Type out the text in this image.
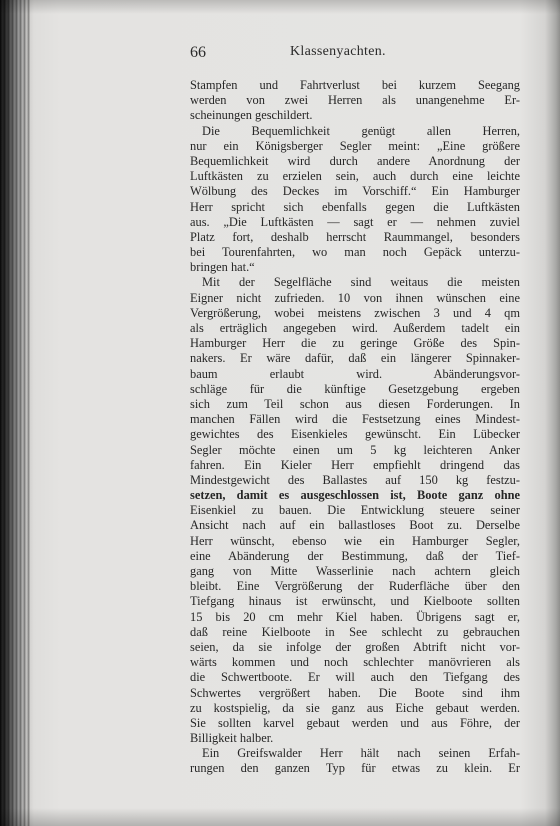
66	Klassenyachten.
Stampfen und Fahrtverlust bei kurzem Seegang
werden von zwei Herren als unangenehme Er-
scheinungen geschildert.
Die Bequemlichkeit genügt allen Herren,
nur ein Königsberger Segler meint: „Eine größere
Bequemlichkeit wird durch andere Anordnung der
Luftkästen zu erzielen sein, auch durch eine leichte
Wölbung des Deckes im Vorschiff.“ Ein Hamburger
Herr spricht sich ebenfalls gegen die Luftkästen
aus. „Die Luftkästen — sagt er — nehmen zuviel
Platz fort, deshalb herrscht Raummangel, besonders
bei Tourenfahrten, wo man noch Gepäck unterzu-
bringen hat.“
Mit der Segelfläche sind weitaus die meisten
Eigner nicht zufrieden. 10 von ihnen wünschen eine
Vergrößerung, wobei meistens zwischen 3 und 4 qm
als erträglich angegeben wird. Außerdem tadelt ein
Hamburger Herr die zu geringe Größe des Spin-
nakers. Er wäre dafür, daß ein längerer Spinnaker-
baum erlaubt wird. Abänderungsvor-
schläge für die künftige Gesetzgebung ergeben
sich zum Teil schon aus diesen Forderungen. In
manchen Fällen wird die Festsetzung eines Mindest-
gewichtes des Eisenkieles gewünscht. Ein Lübecker
Segler möchte einen um 5 kg leichteren Anker
fahren. Ein Kieler Herr empfiehlt dringend das
Mindestgewicht des Ballastes auf 150 kg festzu-
setzen, damit es ausgeschlossen ist, Boote ganz ohne
Eisenkiel zu bauen. Die Entwicklung steuere seiner
Ansicht nach auf ein ballastloses Boot zu. Derselbe
Herr wünscht, ebenso wie ein Hamburger Segler,
eine Abänderung der Bestimmung, daß der Tief-
gang von Mitte Wasserlinie nach achtern gleich
bleibt. Eine Vergrößerung der Ruderfläche über den
Tiefgang hinaus ist erwünscht, und Kielboote sollten
15 bis 20 cm mehr Kiel haben. Übrigens sagt er,
daß reine Kielboote in See schlecht zu gebrauchen
seien, da sie infolge der großen Abtrift nicht vor-
wärts kommen und noch schlechter manövrieren als
die Schwertboote. Er will auch den Tiefgang des
Schwertes vergrößert haben. Die Boote sind ihm
zu kostspielig, da sie ganz aus Eiche gebaut werden.
Sie sollten karvel gebaut werden und aus Föhre, der
Billigkeit halber.
Ein Greifswalder Herr hält nach seinen Erfah-
rungen den ganzen Typ für etwas zu klein. Er
